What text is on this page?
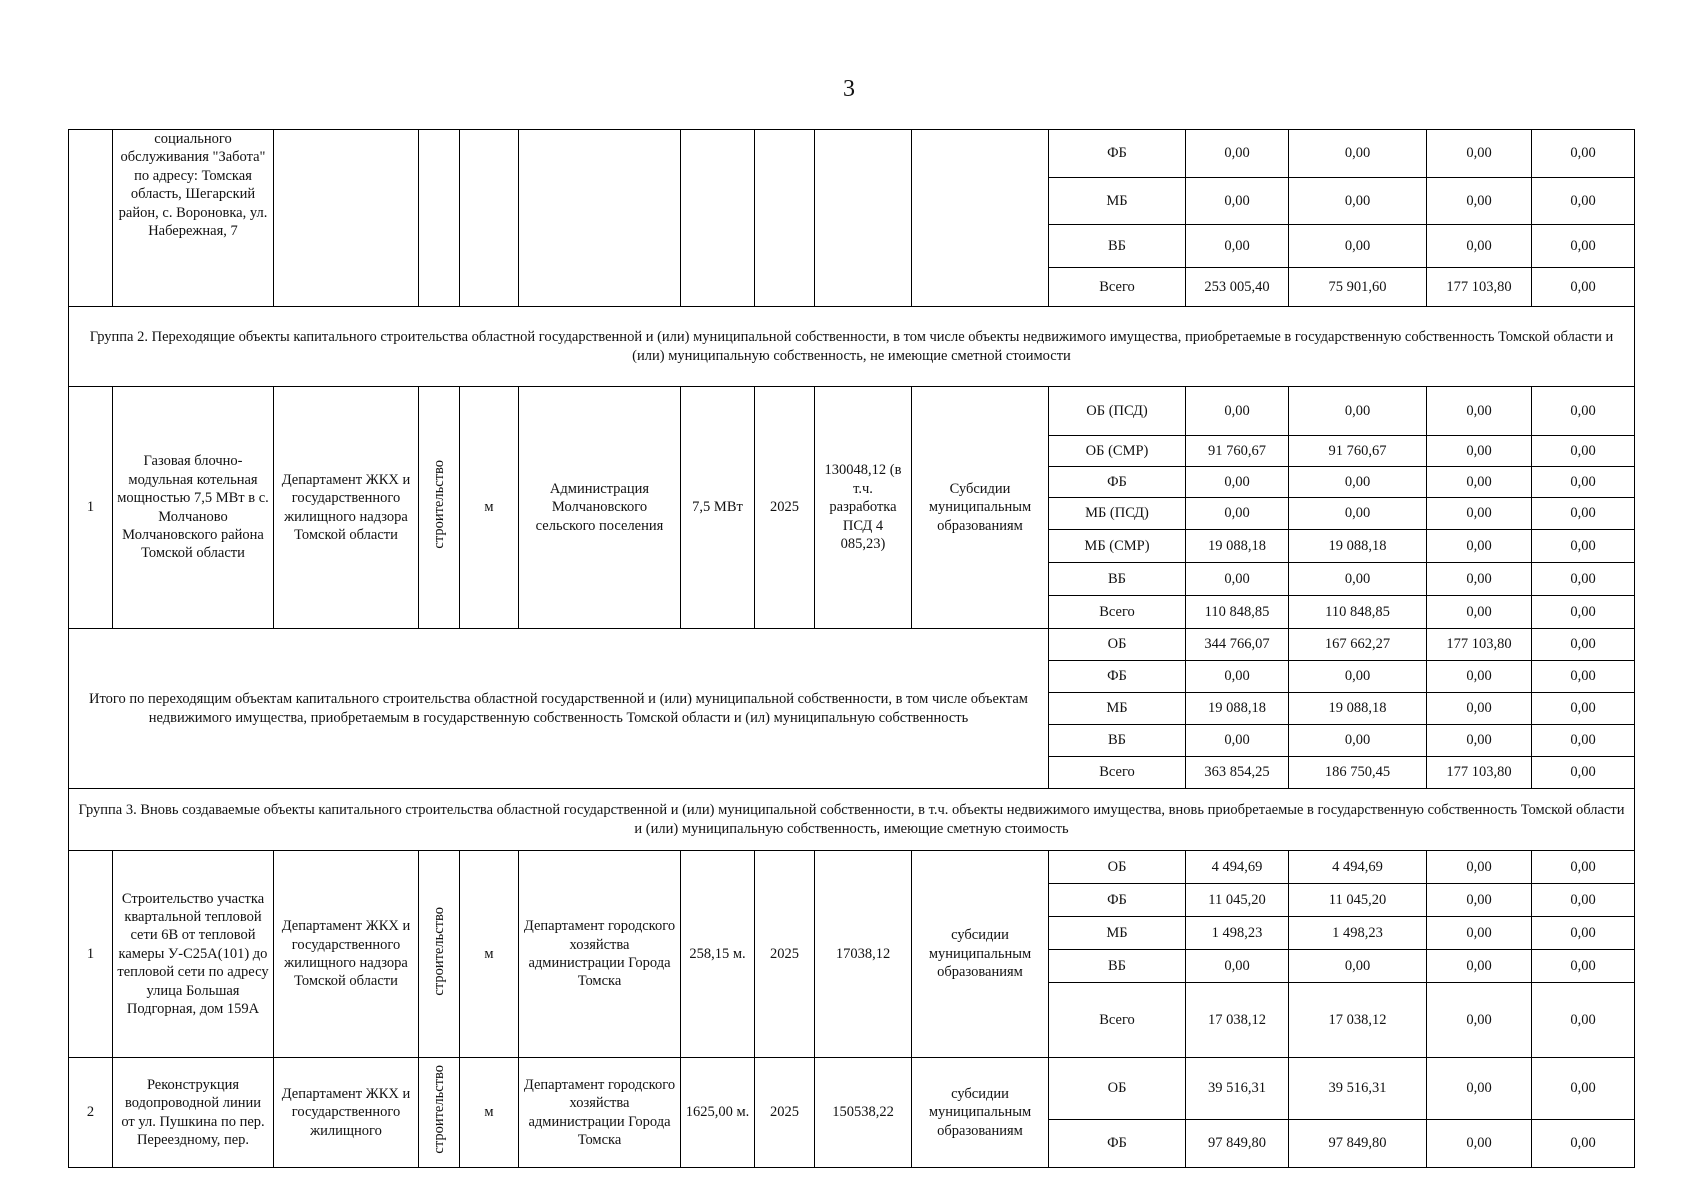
3
	социального обслуживания "Забота" по адресу: Томская область, Шегарский район, с. Вороновка, ул. Набережная, 7									ФБ	0,00	0,00	0,00	0,00
										МБ	0,00	0,00	0,00	0,00
										ВБ	0,00	0,00	0,00	0,00
										Всего	253 005,40	75 901,60	177 103,80	0,00
Группа 2. Переходящие объекты капитального строительства областной государственной и (или) муниципальной собственности, в том числе объекты недвижимого имущества, приобретаемые в государственную собственность Томской области и (или) муниципальную собственность, не имеющие сметной стоимости														
1	Газовая блочно-модульная котельная мощностью 7,5 МВт в с. Молчаново Молчановского района Томской области	Департамент ЖКХ и государственного жилищного надзора Томской области	строительство	м	Администрация Молчановского сельского поселения	7,5 МВт	2025	130048,12 (в т.ч. разработка ПСД 4 085,23)	Субсидии муниципальным образованиям	ОБ (ПСД)	0,00	0,00	0,00	0,00
										ОБ (СМР)	91 760,67	91 760,67	0,00	0,00
										ФБ	0,00	0,00	0,00	0,00
										МБ (ПСД)	0,00	0,00	0,00	0,00
										МБ (СМР)	19 088,18	19 088,18	0,00	0,00
										ВБ	0,00	0,00	0,00	0,00
										Всего	110 848,85	110 848,85	0,00	0,00
Итого по переходящим объектам капитального строительства областной государственной и (или) муниципальной собственности, в том числе объектам недвижимого имущества, приобретаемым в государственную собственность Томской области и (ил) муниципальную собственность										ОБ	344 766,07	167 662,27	177 103,80	0,00
										ФБ	0,00	0,00	0,00	0,00
										МБ	19 088,18	19 088,18	0,00	0,00
										ВБ	0,00	0,00	0,00	0,00
										Всего	363 854,25	186 750,45	177 103,80	0,00
Группа 3. Вновь создаваемые объекты капитального строительства областной государственной и (или) муниципальной собственности, в т.ч. объекты недвижимого имущества, вновь приобретаемые в государственную собственность Томской области и (или) муниципальную собственность, имеющие сметную стоимость														
1	Строительство участка квартальной тепловой сети 6В от тепловой камеры У-С25А(101) до тепловой сети по адресу улица Большая Подгорная, дом 159А	Департамент ЖКХ и государственного жилищного надзора Томской области	строительство	м	Департамент городского хозяйства администрации Города Томска	258,15 м.	2025	17038,12	субсидии муниципальным образованиям	ОБ	4 494,69	4 494,69	0,00	0,00
										ФБ	11 045,20	11 045,20	0,00	0,00
										МБ	1 498,23	1 498,23	0,00	0,00
										ВБ	0,00	0,00	0,00	0,00
										Всего	17 038,12	17 038,12	0,00	0,00
2	Реконструкция водопроводной линии от ул. Пушкина по пер. Переездному, пер.	Департамент ЖКХ и государственного жилищного	строительство	м	Департамент городского хозяйства администрации Города Томска	1625,00 м.	2025	150538,22	субсидии муниципальным образованиям	ОБ	39 516,31	39 516,31	0,00	0,00
										ФБ	97 849,80	97 849,80	0,00	0,00
